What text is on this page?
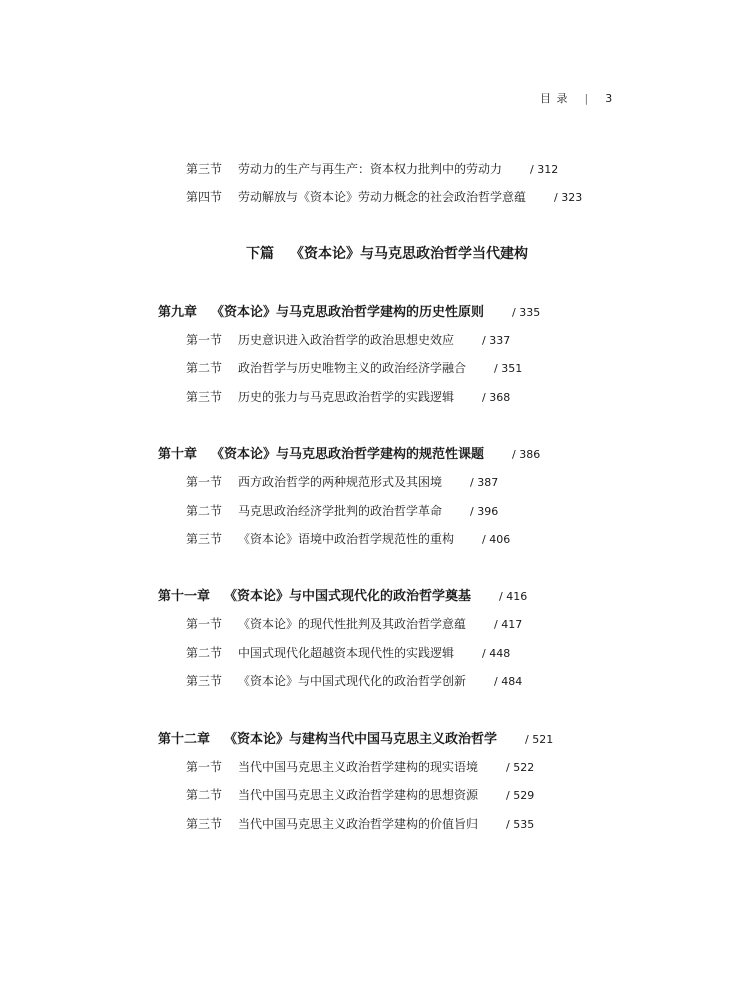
目 录 | 3
第三节	劳动力的生产与再生产：资本权力批判中的劳动力	/ 312
第四节	劳动解放与《资本论》劳动力概念的社会政治哲学意蕴	/ 323
下篇 《资本论》与马克思政治哲学当代建构
第九章 《资本论》与马克思政治哲学建构的历史性原则	/ 335
第一节	历史意识进入政治哲学的政治思想史效应	/ 337
第二节	政治哲学与历史唯物主义的政治经济学融合	/ 351
第三节	历史的张力与马克思政治哲学的实践逻辑	/ 368
第十章 《资本论》与马克思政治哲学建构的规范性课题	/ 386
第一节	西方政治哲学的两种规范形式及其困境	/ 387
第二节	马克思政治经济学批判的政治哲学革命	/ 396
第三节	《资本论》语境中政治哲学规范性的重构	/ 406
第十一章 《资本论》与中国式现代化的政治哲学奠基	/ 416
第一节	《资本论》的现代性批判及其政治哲学意蕴	/ 417
第二节	中国式现代化超越资本现代性的实践逻辑	/ 448
第三节	《资本论》与中国式现代化的政治哲学创新	/ 484
第十二章 《资本论》与建构当代中国马克思主义政治哲学	/ 521
第一节	当代中国马克思主义政治哲学建构的现实语境	/ 522
第二节	当代中国马克思主义政治哲学建构的思想资源	/ 529
第三节	当代中国马克思主义政治哲学建构的价值旨归	/ 535
